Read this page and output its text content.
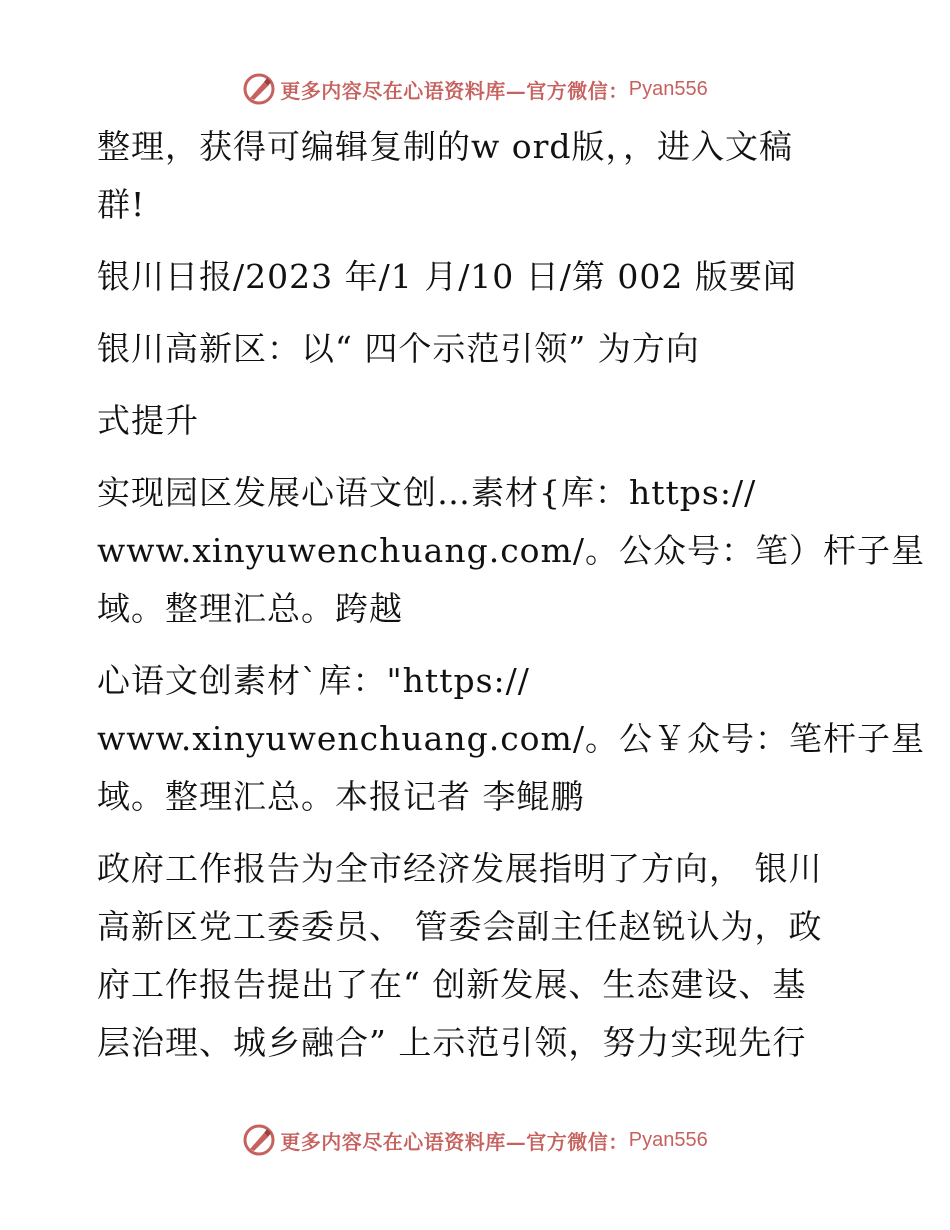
更多内容尽在心语资料库—官方微信： Pyan556
整理，获得可编辑复制的w ord版，，进入文稿
群!
银川日报/2023 年/1 月/10 日/第 002 版要闻
银川高新区：以“ 四个示范引领” 为方向
式提升
实现园区发展心语文创…素材{库：https://
www.xinyuwenchuang.com/。公众号：笔）杆子星
域。整理汇总。跨越
心语文创素材`库："https://
www.xinyuwenchuang.com/。公￥众号：笔杆子星
域。整理汇总。本报记者 李鲲鹏
政府工作报告为全市经济发展指明了方向， 银川
高新区党工委委员、 管委会副主任赵锐认为，政
府工作报告提出了在“ 创新发展、生态建设、基
层治理、城乡融合” 上示范引领，努力实现先行
更多内容尽在心语资料库—官方微信： Pyan556
